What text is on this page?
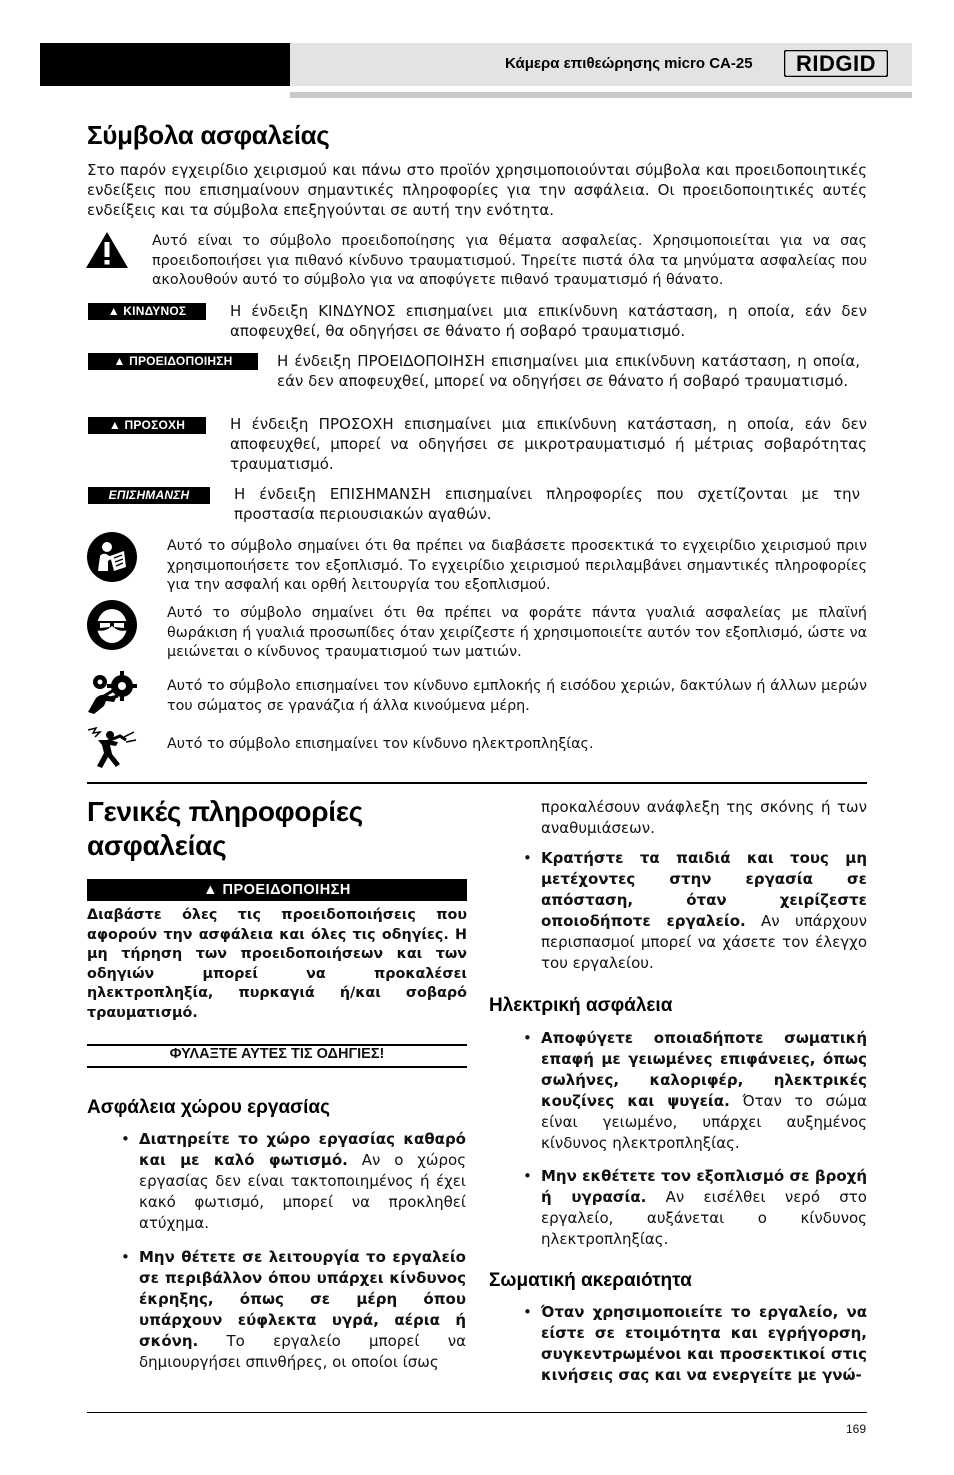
Κάμερα επιθεώρησης micro CA-25 RIDGID
Σύμβολα ασφαλείας

Στο παρόν εγχειρίδιο χειρισμού και πάνω στο προϊόν χρησιμοποιούνται σύμβολα και προειδοποιητικές ενδείξεις που επισημαίνουν σημαντικές πληροφορίες για την ασφάλεια. Οι προειδοποιητικές αυτές ενδείξεις και τα σύμβολα επεξηγούνται σε αυτή την ενότητα.

Αυτό είναι το σύμβολο προειδοποίησης για θέματα ασφαλείας. Χρησιμοποιείται για να σας προειδοποιήσει για πιθανό κίνδυνο τραυματισμού. Τηρείτε πιστά όλα τα μηνύματα ασφαλείας που ακολουθούν αυτό το σύμβολο για να αποφύγετε πιθανό τραυματισμό ή θάνατο.

▲ ΚΙΝΔΥΝΟΣ	Η ένδειξη ΚΙΝΔΥΝΟΣ επισημαίνει μια επικίνδυνη κατάσταση, η οποία, εάν δεν αποφευχθεί, θα οδηγήσει σε θάνατο ή σοβαρό τραυματισμό.

▲ ΠΡΟΕΙΔΟΠΟΙΗΣΗ	Η ένδειξη ΠΡΟΕΙΔΟΠΟΙΗΣΗ επισημαίνει μια επικίνδυνη κατάσταση, η οποία, εάν δεν αποφευχθεί, μπορεί να οδηγήσει σε θάνατο ή σοβαρό τραυματισμό.

▲ ΠΡΟΣΟΧΗ	Η ένδειξη ΠΡΟΣΟΧΗ επισημαίνει μια επικίνδυνη κατάσταση, η οποία, εάν δεν αποφευχθεί, μπορεί να οδηγήσει σε μικροτραυματισμό ή μέτριας σοβαρότητας τραυματισμό.

ΕΠΙΣΗΜΑΝΣΗ	Η ένδειξη ΕΠΙΣΗΜΑΝΣΗ επισημαίνει πληροφορίες που σχετίζονται με την προστασία περιουσιακών αγαθών.

Αυτό το σύμβολο σημαίνει ότι θα πρέπει να διαβάσετε προσεκτικά το εγχειρίδιο χειρισμού πριν χρησιμοποιήσετε τον εξοπλισμό. Το εγχειρίδιο χειρισμού περιλαμβάνει σημαντικές πληροφορίες για την ασφαλή και ορθή λειτουργία του εξοπλισμού.

Αυτό το σύμβολο σημαίνει ότι θα πρέπει να φοράτε πάντα γυαλιά ασφαλείας με πλαϊνή θωράκιση ή γυαλιά προσωπίδες όταν χειρίζεστε ή χρησιμοποιείτε αυτόν τον εξοπλισμό, ώστε να μειώνεται ο κίνδυνος τραυματισμού των ματιών.

Αυτό το σύμβολο επισημαίνει τον κίνδυνο εμπλοκής ή εισόδου χεριών, δακτύλων ή άλλων μερών του σώματος σε γρανάζια ή άλλα κινούμενα μέρη.

Αυτό το σύμβολο επισημαίνει τον κίνδυνο ηλεκτροπληξίας.

Γενικές πληροφορίες
ασφαλείας
▲ ΠΡΟΕΙΔΟΠΟΙΗΣΗ

Διαβάστε όλες τις προειδοποιήσεις που αφορούν την ασφάλεια και όλες τις οδηγίες. Η μη τήρηση των προειδοποιήσεων και των οδηγιών μπορεί να προκαλέσει ηλεκτροπληξία, πυρκαγιά ή/και σοβαρό τραυματισμό.

ΦΥΛΑΞΤΕ ΑΥΤΕΣ ΤΙΣ ΟΔΗΓΙΕΣ!
Ασφάλεια χώρου εργασίας
• Διατηρείτε το χώρο εργασίας καθαρό και με καλό φωτισμό. Αν ο χώρος εργασίας δεν είναι τακτοποιημένος ή έχει κακό φωτισμό, μπορεί να προκληθεί ατύχημα.
• Μην θέτετε σε λειτουργία το εργαλείο σε περιβάλλον όπου υπάρχει κίνδυνος έκρηξης, όπως σε μέρη όπου υπάρχουν εύφλεκτα υγρά, αέρια ή σκόνη. Το εργαλείο μπορεί να δημιουργήσει σπινθήρες, οι οποίοι ίσως
προκαλέσουν ανάφλεξη της σκόνης ή των αναθυμιάσεων.
• Κρατήστε τα παιδιά και τους μη μετέχοντες στην εργασία σε απόσταση, όταν χειρίζεστε οποιοδήποτε εργαλείο. Αν υπάρχουν περισπασμοί μπορεί να χάσετε τον έλεγχο του εργαλείου.
Ηλεκτρική ασφάλεια
• Αποφύγετε οποιαδήποτε σωματική επαφή με γειωμένες επιφάνειες, όπως σωλήνες, καλοριφέρ, ηλεκτρικές κουζίνες και ψυγεία. Όταν το σώμα είναι γειωμένο, υπάρχει αυξημένος κίνδυνος ηλεκτροπληξίας.
• Μην εκθέτετε τον εξοπλισμό σε βροχή ή υγρασία. Αν εισέλθει νερό στο εργαλείο, αυξάνεται ο κίνδυνος ηλεκτροπληξίας.
Σωματική ακεραιότητα
• Όταν χρησιμοποιείτε το εργαλείο, να είστε σε ετοιμότητα και εγρήγορση, συγκεντρωμένοι και προσεκτικοί στις κινήσεις σας και να ενεργείτε με γνώ-
169
